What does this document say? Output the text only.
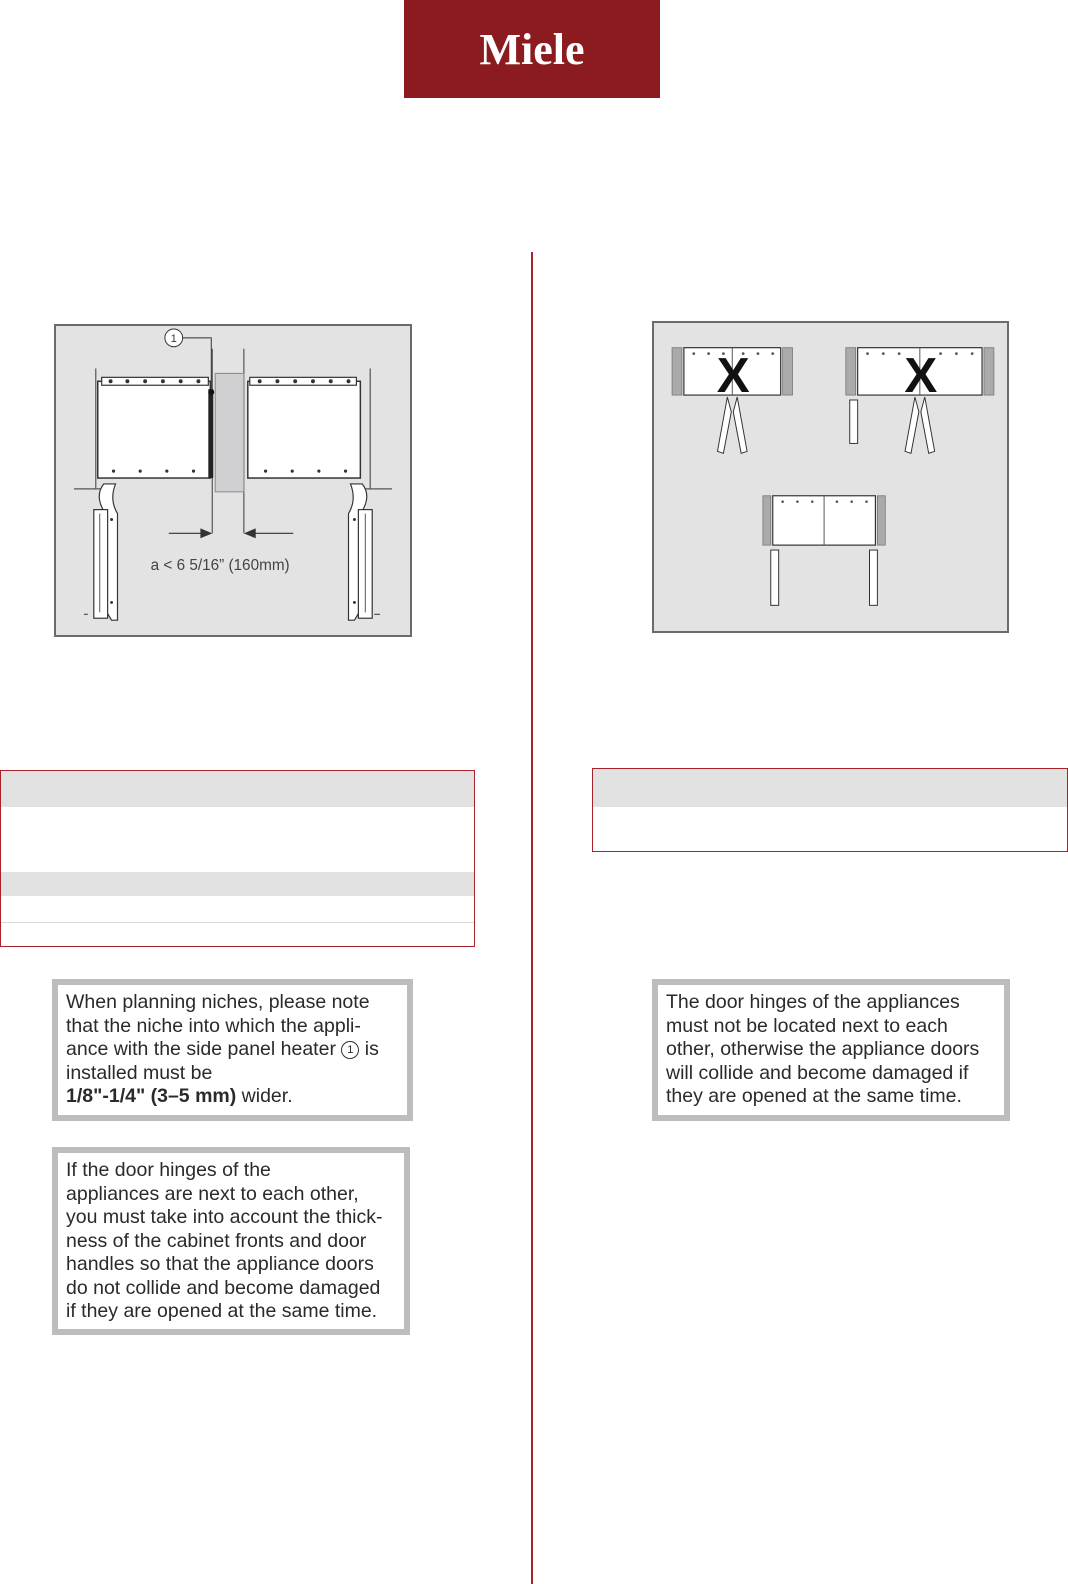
Miele
1
a < 6 5/16” (160mm)
X	X
When planning niches, please note
that the niche into which the appli-
ance with the side panel heater 1 is
installed must be
1/8"-1/4" (3–5 mm) wider.
If the door hinges of the
appliances are next to each other,
you must take into account the thick-
ness of the cabinet fronts and door
handles so that the appliance doors
do not collide and become damaged
if they are opened at the same time.
The door hinges of the appliances
must not be located next to each
other, otherwise the appliance doors
will collide and become damaged if
they are opened at the same time.
